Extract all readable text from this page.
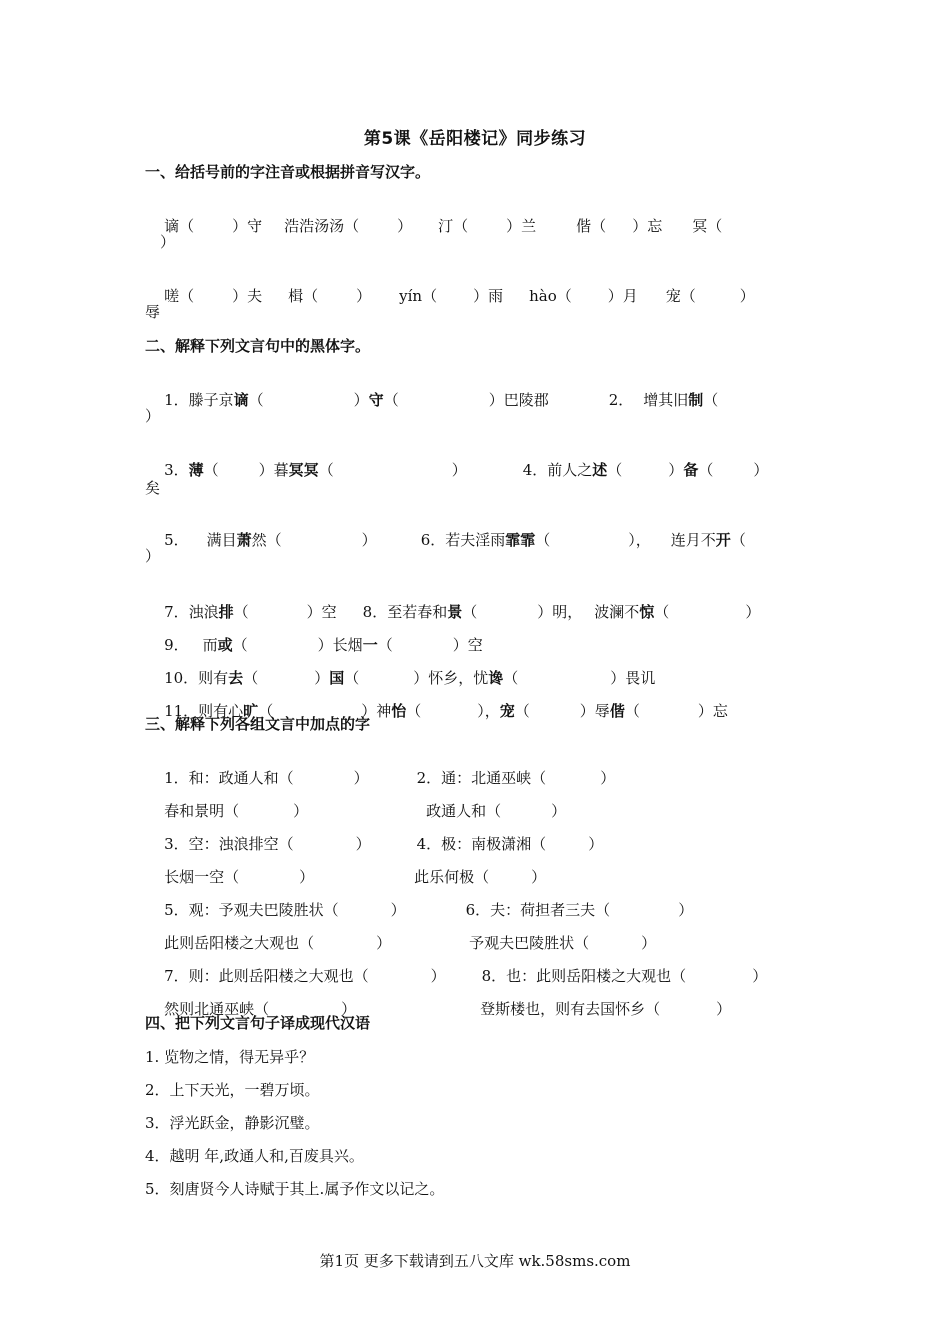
第5课《岳阳楼记》同步练习
一、给括号前的字注音或根据拼音写汉字。

谪（	）守 浩浩汤汤（	） 汀（	）兰	偕（ ）忘 冥（

）

嗟（	）夫 楫（	） yín（ ）雨 hào（ ）月 宠（	）

辱
二、解释下列文言句中的黑体字。

1．滕子京谪（	）守（	）巴陵郡	2． 增其旧制（

）

3．薄（	）暮冥冥（	）	4．前人之述（	）备（	）

矣

5． 满目萧然（	）	6．若夫淫雨霏霏（	）， 连月不开（

）

7．浊浪排（	）空 8．至若春和景（	）明， 波澜不惊（	）

9． 而或（	）长烟一（	）空

10．则有去（	）国（	）怀乡，忧谗（	）畏讥

11．则有心旷（	）神怡（	），宠（	）辱偕（	）忘

三、解释下列各组文言中加点的字

1．和：政通人和（	）	2．通：北通巫峡（	）

春和景明（	）	政通人和（	）

3．空：浊浪排空（	）	4．极：南极潇湘（	）

长烟一空（	）	此乐何极（	）

5．观：予观夫巴陵胜状（	）	6．夫：荷担者三夫（	）

此则岳阳楼之大观也（	）	予观夫巴陵胜状（	）

7．则：此则岳阳楼之大观也（	） 8．也：此则岳阳楼之大观也（	）

然则北通巫峡（	）	登斯楼也，则有去国怀乡（	）

四、把下列文言句子译成现代汉语
1. 览物之情，得无异乎？
2．上下天光，一碧万顷。
3．浮光跃金，静影沉璧。
4．越明 年,政通人和,百废具兴。
5．刻唐贤今人诗赋于其上.属予作文以记之。
第1页 更多下载请到五八文库 wk.58sms.com
